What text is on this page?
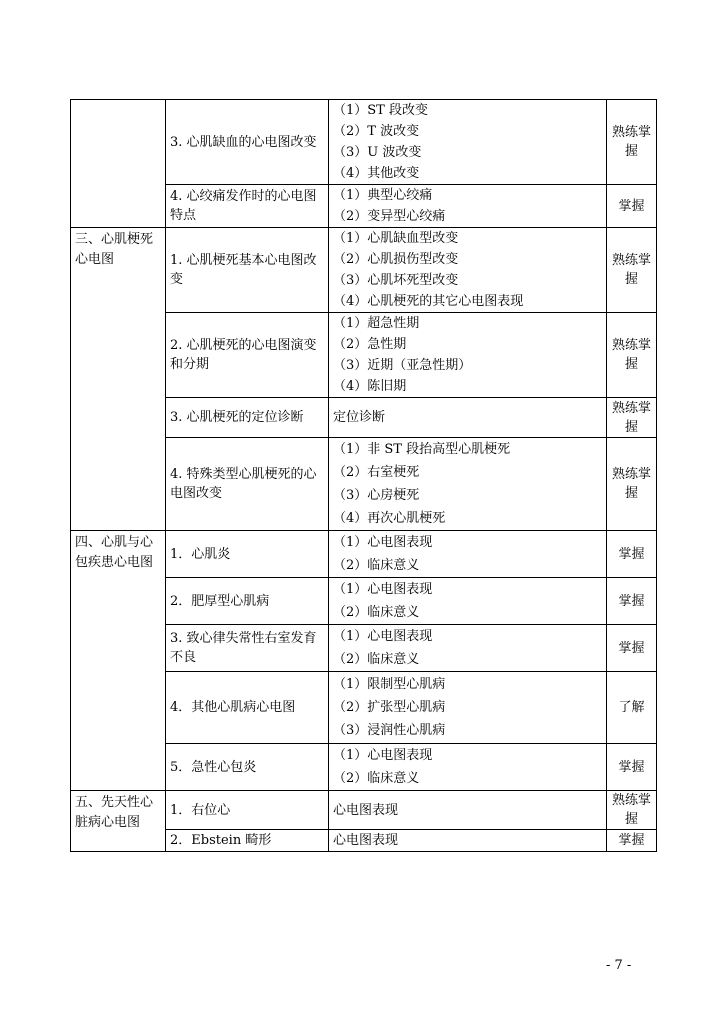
	3. 心肌缺血的心电图改变	（1）ST 段改变
（2）T 波改变
（3）U 波改变
（4）其他改变	熟练掌握
	4. 心绞痛发作时的心电图特点	（1）典型心绞痛
（2）变异型心绞痛	掌握
三、心肌梗死心电图	1. 心肌梗死基本心电图改变	（1）心肌缺血型改变
（2）心肌损伤型改变
（3）心肌坏死型改变
（4）心肌梗死的其它心电图表现	熟练掌握
	2. 心肌梗死的心电图演变和分期	（1）超急性期
（2）急性期
（3）近期（亚急性期）
（4）陈旧期	熟练掌握
	3. 心肌梗死的定位诊断	定位诊断	熟练掌握
	4. 特殊类型心肌梗死的心电图改变	（1）非 ST 段抬高型心肌梗死
（2）右室梗死
（3）心房梗死
（4）再次心肌梗死	熟练掌握
四、心肌与心包疾患心电图	1．心肌炎	（1）心电图表现
（2）临床意义	掌握
	2．肥厚型心肌病	（1）心电图表现
（2）临床意义	掌握
	3. 致心律失常性右室发育不良	（1）心电图表现
（2）临床意义	掌握
	4．其他心肌病心电图	（1）限制型心肌病
（2）扩张型心肌病
（3）浸润性心肌病	了解
	5．急性心包炎	（1）心电图表现
（2）临床意义	掌握
五、先天性心脏病心电图	1．右位心	心电图表现	熟练掌握
	2．Ebstein 畸形	心电图表现	掌握
- 7 -
